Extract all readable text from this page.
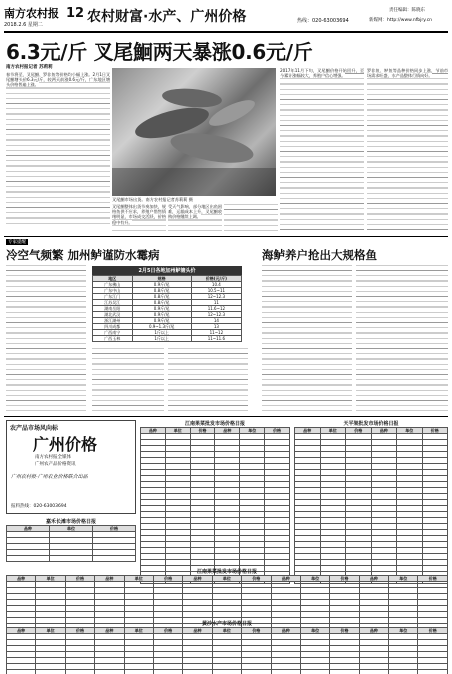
南方农村报
2018.2.6 星期二
12 农村财富·水产、广州价格	热线：020-63003694
责任编辑：陈晓东
新媒网：http://www.nfbjry.cn
6.3元/斤 叉尾鮰两天暴涨0.6元/斤
南方农村报记者 苏莉莉
春节将至，叉尾鮰、罗非鱼等价格均小幅上涨。2月1日叉尾鮰塘头价6.3元/斤，较两天前涨0.6元/斤，广东地区塘头价格普遍上涨。
叉尾鮰市场出货。南方农村报记者苏莉莉 摄
叉尾鮰整体出货节奏加快，规格鱼供不应求，养殖户惜售情绪明显，市场成交活跃，价格稳中有升。
受天气影响，部分地区出鱼困难，运输成本上升，叉尾鮰收购价格继续上调。
2017年11月下旬，叉尾鮰价格开始回升，至今累计涨幅较大，养殖户信心增强。
罗非鱼、鲈鱼等品种价格同步上涨，节前市场需求旺盛，水产品整体行情向好。
专家提醒
冷空气频繁 加州鲈谨防水霉病
2月5日各地加州鲈塘头价
地区	规格	价格(元/斤)
广东佛山	0.9斤/尾	10.4
广东中山	0.8斤/尾	10.5~11
广东江门	0.8斤/尾	12~12.3
江苏吴江	0.8斤/尾	11
湖南岳阳	0.9斤/尾	11.6~12
湖北武汉	0.9斤/尾	12~12.3
浙江湖州	0.9斤/尾	14
四川成都	0.9~1.3斤/尾	13
广西南宁	1斤以上	11~12
广西玉林	1斤以上	11~11.6
海鲈养户抢出大规格鱼
农产品市场风向标
广州价格
南方农村报全媒体
广州农产品价格资讯
广州农村报·广州农业价格联合出品
报料热线：020-63003694
嘉禾长滩市场价格日报
品种	单位	价格

江南果菜批发市场价格日报
品种	单位	价格	品种	单位	价格

天平架批发市场价格日报
品种	单位	价格	品种	单位	价格

江南果菜批发市场价格日报
品种	单位	价格	品种	单位	价格	品种	单位	价格	品种	单位	价格	品种	单位	价格

黄沙水产市场价格日报
品种	单位	价格	品种	单位	价格	品种	单位	价格	品种	单位	价格	品种	单位	价格
